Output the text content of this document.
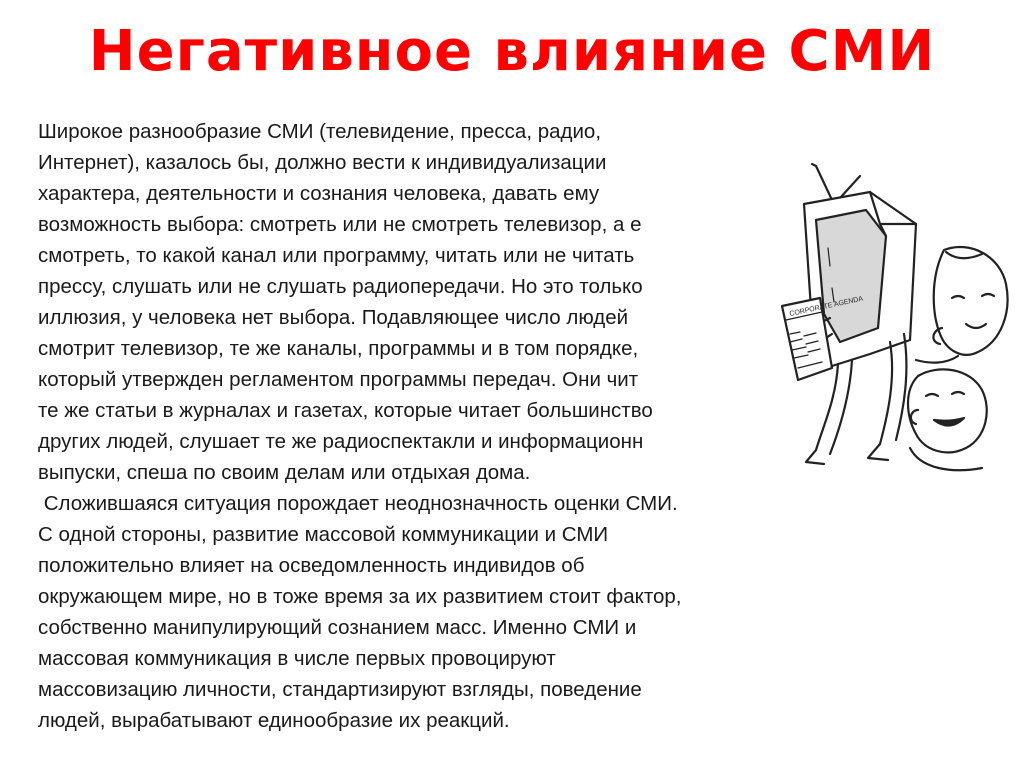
Негативное влияние СМИ
Широкое разнообразие СМИ (телевидение, пресса, радио,
Интернет), казалось бы, должно вести к индивидуализации
характера, деятельности и сознания человека, давать ему
возможность выбора: смотреть или не смотреть телевизор, а е
смотреть, то какой канал или программу, читать или не читать
прессу, слушать или не слушать радиопередачи. Но это только
иллюзия, у человека нет выбора. Подавляющее число людей
смотрит телевизор, те же каналы, программы и в том порядке,
который утвержден регламентом программы передач. Они чит
те же статьи в журналах и газетах, которые читает большинство
других людей, слушает те же радиоспектакли и информационн
выпуски, спеша по своим делам или отдыхая дома.
Сложившаяся ситуация порождает неоднозначность оценки СМИ.
С одной стороны, развитие массовой коммуникации и СМИ
положительно влияет на осведомленность индивидов об
окружающем мире, но в тоже время за их развитием стоит фактор,
собственно манипулирующий сознанием масс. Именно СМИ и
массовая коммуникация в числе первых провоцируют
массовизацию личности, стандартизируют взгляды, поведение
людей, вырабатывают единообразие их реакций.
CORPORATE AGENDA
